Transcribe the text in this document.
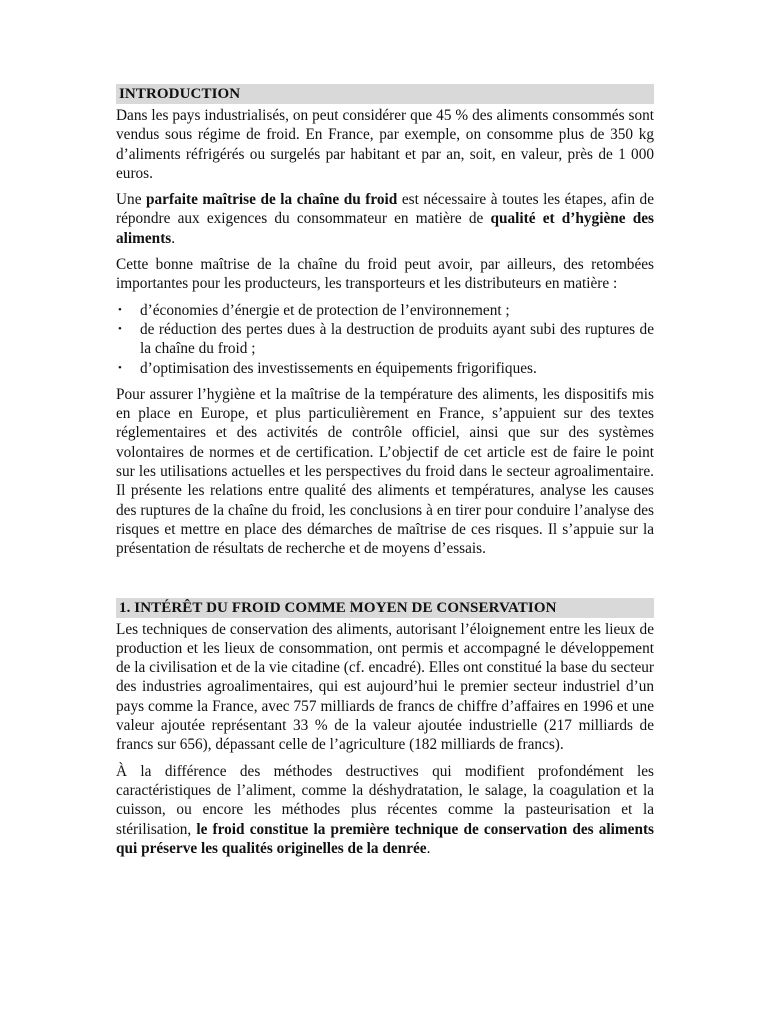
INTRODUCTION

Dans les pays industrialisés, on peut considérer que 45 % des aliments consommés sont vendus sous régime de froid. En France, par exemple, on consomme plus de 350 kg d’aliments réfrigérés ou surgelés par habitant et par an, soit, en valeur, près de 1 000 euros.

Une parfaite maîtrise de la chaîne du froid est nécessaire à toutes les étapes, afin de répondre aux exigences du consommateur en matière de qualité et d’hygiène des aliments.

Cette bonne maîtrise de la chaîne du froid peut avoir, par ailleurs, des retombées importantes pour les producteurs, les transporteurs et les distributeurs en matière :

• d’économies d’énergie et de protection de l’environnement ;
• de réduction des pertes dues à la destruction de produits ayant subi des ruptures de la chaîne du froid ;
• d’optimisation des investissements en équipements frigorifiques.

Pour assurer l’hygiène et la maîtrise de la température des aliments, les dispositifs mis en place en Europe, et plus particulièrement en France, s’appuient sur des textes réglementaires et des activités de contrôle officiel, ainsi que sur des systèmes volontaires de normes et de certification. L’objectif de cet article est de faire le point sur les utilisations actuelles et les perspectives du froid dans le secteur agroalimentaire. Il présente les relations entre qualité des aliments et températures, analyse les causes des ruptures de la chaîne du froid, les conclusions à en tirer pour conduire l’analyse des risques et mettre en place des démarches de maîtrise de ces risques. Il s’appuie sur la présentation de résultats de recherche et de moyens d’essais.

1. INTÉRÊT DU FROID COMME MOYEN DE CONSERVATION

Les techniques de conservation des aliments, autorisant l’éloignement entre les lieux de production et les lieux de consommation, ont permis et accompagné le développement de la civilisation et de la vie citadine (cf. encadré). Elles ont constitué la base du secteur des industries agroalimentaires, qui est aujourd’hui le premier secteur industriel d’un pays comme la France, avec 757 milliards de francs de chiffre d’affaires en 1996 et une valeur ajoutée représentant 33 % de la valeur ajoutée industrielle (217 milliards de francs sur 656), dépassant celle de l’agriculture (182 milliards de francs).

À la différence des méthodes destructives qui modifient profondément les caractéristiques de l’aliment, comme la déshydratation, le salage, la coagulation et la cuisson, ou encore les méthodes plus récentes comme la pasteurisation et la stérilisation, le froid constitue la première technique de conservation des aliments qui préserve les qualités originelles de la denrée.
